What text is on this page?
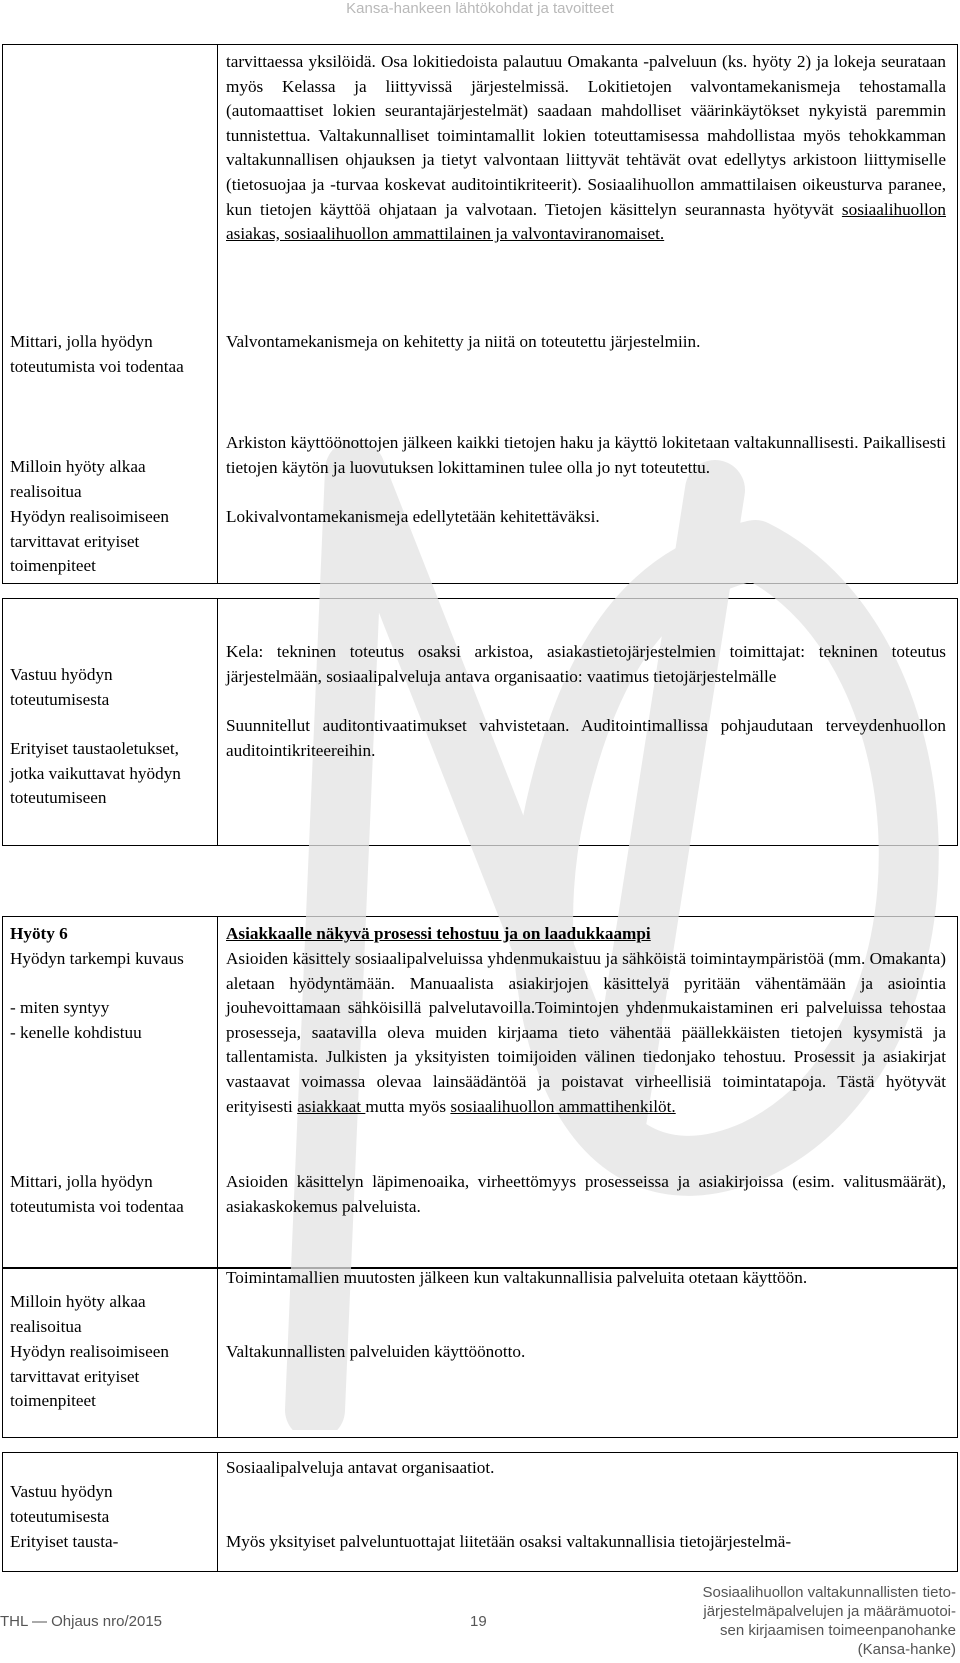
Kansa-hankeen lähtökohdat ja tavoitteet
Mittari, jolla hyödyn toteutumista voi todentaa
Milloin hyöty alkaa realisoitua
Hyödyn realisoimiseen tarvittavat erityiset toimenpiteet
tarvittaessa yksilöidä. Osa lokitiedoista palautuu Omakanta -palveluun (ks. hyöty 2) ja lokeja seurataan myös Kelassa ja liittyvissä järjestelmissä. Lokitietojen valvontamekanismeja tehostamalla (automaattiset lokien seurantajärjestelmät) saadaan mahdolliset väärinkäytökset nykyistä paremmin tunnistettua. Valtakunnalliset toimintamallit lokien toteuttamisessa mahdollistaa myös tehokkamman valtakunnallisen ohjauksen ja tietyt valvontaan liittyvät tehtävät ovat edellytys arkistoon liittymiselle (tietosuojaa ja -turvaa koskevat auditointikriteerit). Sosiaalihuollon ammattilaisen oikeusturva paranee, kun tietojen käyttöä ohjataan ja valvotaan. Tietojen käsittelyn seurannasta hyötyvät sosiaalihuollon asiakas, sosiaalihuollon ammattilainen ja valvontaviranomaiset.
Valvontamekanismeja on kehitetty ja niitä on toteutettu järjestelmiin.
Arkiston käyttöönottojen jälkeen kaikki tietojen haku ja käyttö lokitetaan valtakunnallisesti. Paikallisesti tietojen käytön ja luovutuksen lokittaminen tulee olla jo nyt toteutettu.
Lokivalvontamekanismeja edellytetään kehitettäväksi.
Vastuu hyödyn toteutumisesta
Erityiset taustaoletukset, jotka vaikuttavat hyödyn toteutumiseen
Kela: tekninen toteutus osaksi arkistoa, asiakastietojärjestelmien toimittajat: tekninen toteutus järjestelmään, sosiaalipalveluja antava organisaatio: vaatimus tietojärjestelmälle
Suunnitellut auditontivaatimukset vahvistetaan. Auditointimallissa pohjaudutaan terveydenhuollon auditointikriteereihin.
Hyöty 6
Hyödyn tarkempi kuvaus
- miten syntyy
- kenelle kohdistuu
Mittari, jolla hyödyn toteutumista voi todentaa
Asiakkaalle näkyvä prosessi tehostuu ja on laadukkaampi
Asioiden käsittely sosiaalipalveluissa yhdenmukaistuu ja sähköistä toimintaympäristöä (mm. Omakanta) aletaan hyödyntämään. Manuaalista asiakirjojen käsittelyä pyritään vähentämään ja asiointia jouhevoittamaan sähköisillä palvelutavoilla.Toimintojen yhdenmukaistaminen eri palveluissa tehostaa prosesseja, saatavilla oleva muiden kirjaama tieto vähentää päällekkäisten tietojen kysymistä ja tallentamista. Julkisten ja yksityisten toimijoiden välinen tiedonjako tehostuu. Prosessit ja asiakirjat vastaavat voimassa olevaa lainsäädäntöä ja poistavat virheellisiä toimintatapoja. Tästä hyötyvät erityisesti asiakkaat mutta myös sosiaalihuollon ammattihenkilöt.
Asioiden käsittelyn läpimenoaika, virheettömyys prosesseissa ja asiakirjoissa (esim. valitusmäärät), asiakaskokemus palveluista.
Milloin hyöty alkaa realisoitua
Hyödyn realisoimiseen tarvittavat erityiset toimenpiteet
Toimintamallien muutosten jälkeen kun valtakunnallisia palveluita otetaan käyttöön.
Valtakunnallisten palveluiden käyttöönotto.
Vastuu hyödyn toteutumisesta
Erityiset tausta-
Sosiaalipalveluja antavat organisaatiot.
Myös yksityiset palveluntuottajat liitetään osaksi valtakunnallisia tietojärjestelmä-
THL — Ohjaus nro/2015	19

Sosiaalihuollon valtakunnallisten tieto-

järjestelmäpalvelujen ja määrämuotoi-

sen kirjaamisen toimeenpanohanke

(Kansa-hanke)
